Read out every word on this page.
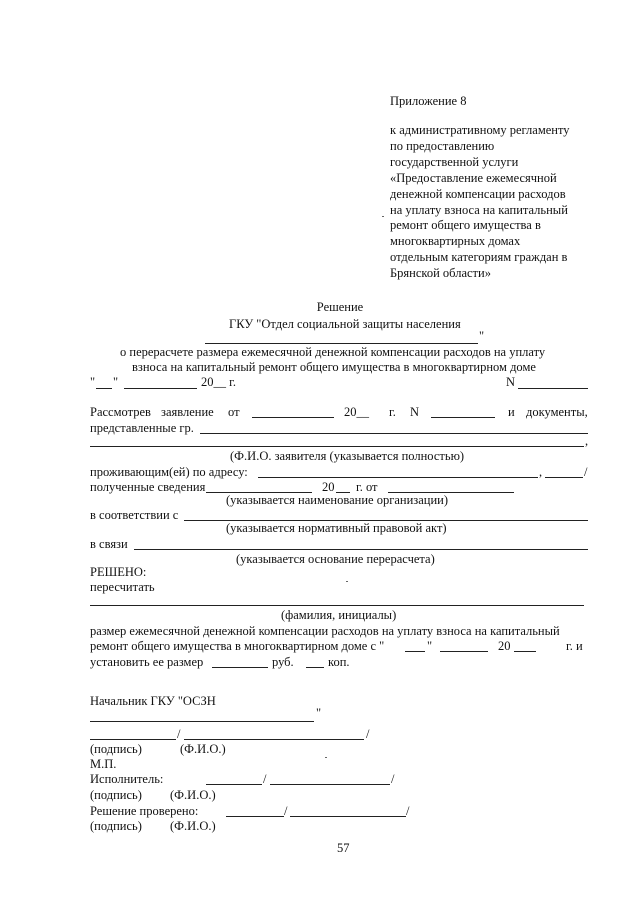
Приложение 8
к административному регламенту
по предоставлению
государственной услуги
«Предоставление ежемесячной
денежной компенсации расходов
на уплату взноса на капитальный
ремонт общего имущества в
многоквартирных домах
отдельным категориям граждан в
Брянской области»
Решение
ГКУ "Отдел социальной защиты населения
"
о перерасчете размера ежемесячной денежной компенсации расходов на уплату
взноса на капитальный ремонт общего имущества в многоквартирном доме
" "	20__ г.	N
Рассмотрев заявление от	20__ г. N	и документы,
представленные гр.
,
(Ф.И.О. заявителя (указывается полностью)
проживающим(ей) по адресу:	,	/
полученные сведения	20 г. от
(указывается наименование организации)
в соответствии с
(указывается нормативный правовой акт)
в связи
(указывается основание перерасчета)
РЕШЕНО:
пересчитать
(фамилия, инициалы)
размер ежемесячной денежной компенсации расходов на уплату взноса на капитальный
ремонт общего имущества в многоквартирном доме с "	"	20	г. и
установить ее размер	руб.	коп.
Начальник ГКУ "ОСЗН
"
/	/
(подпись)	(Ф.И.О.)
М.П.
Исполнитель:	/	/
(подпись) (Ф.И.О.)
Решение проверено:	/	/
(подпись) (Ф.И.О.)
57
